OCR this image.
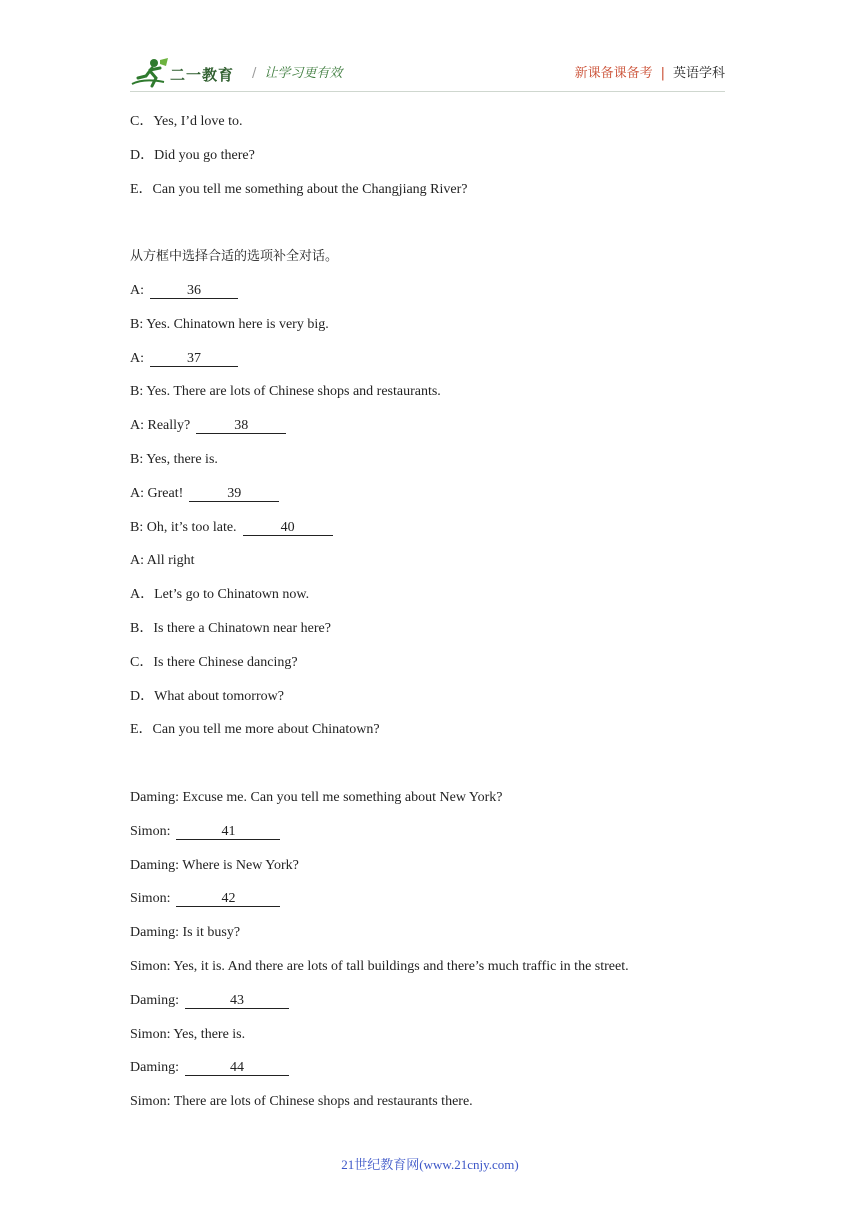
二一教育 / 让学习更有效	新课备课备考 | 英语学科
C．Yes, I’d love to.
D．Did you go there?
E．Can you tell me something about the Changjiang River?
从方框中选择合适的选项补全对话。
A:	36
B: Yes. Chinatown here is very big.
A:	37
B: Yes. There are lots of Chinese shops and restaurants.
A: Really?	38
B: Yes, there is.
A: Great!	39
B: Oh, it’s too late.	40
A: All right
A．Let’s go to Chinatown now.
B．Is there a Chinatown near here?
C．Is there Chinese dancing?
D．What about tomorrow?
E．Can you tell me more about Chinatown?
Daming: Excuse me. Can you tell me something about New York?
Simon:	41
Daming: Where is New York?
Simon:	42
Daming: Is it busy?
Simon: Yes, it is. And there are lots of tall buildings and there’s much traffic in the street.
Daming:	43
Simon: Yes, there is.
Daming:	44
Simon: There are lots of Chinese shops and restaurants there.
21世纪教育网(www.21cnjy.com)
